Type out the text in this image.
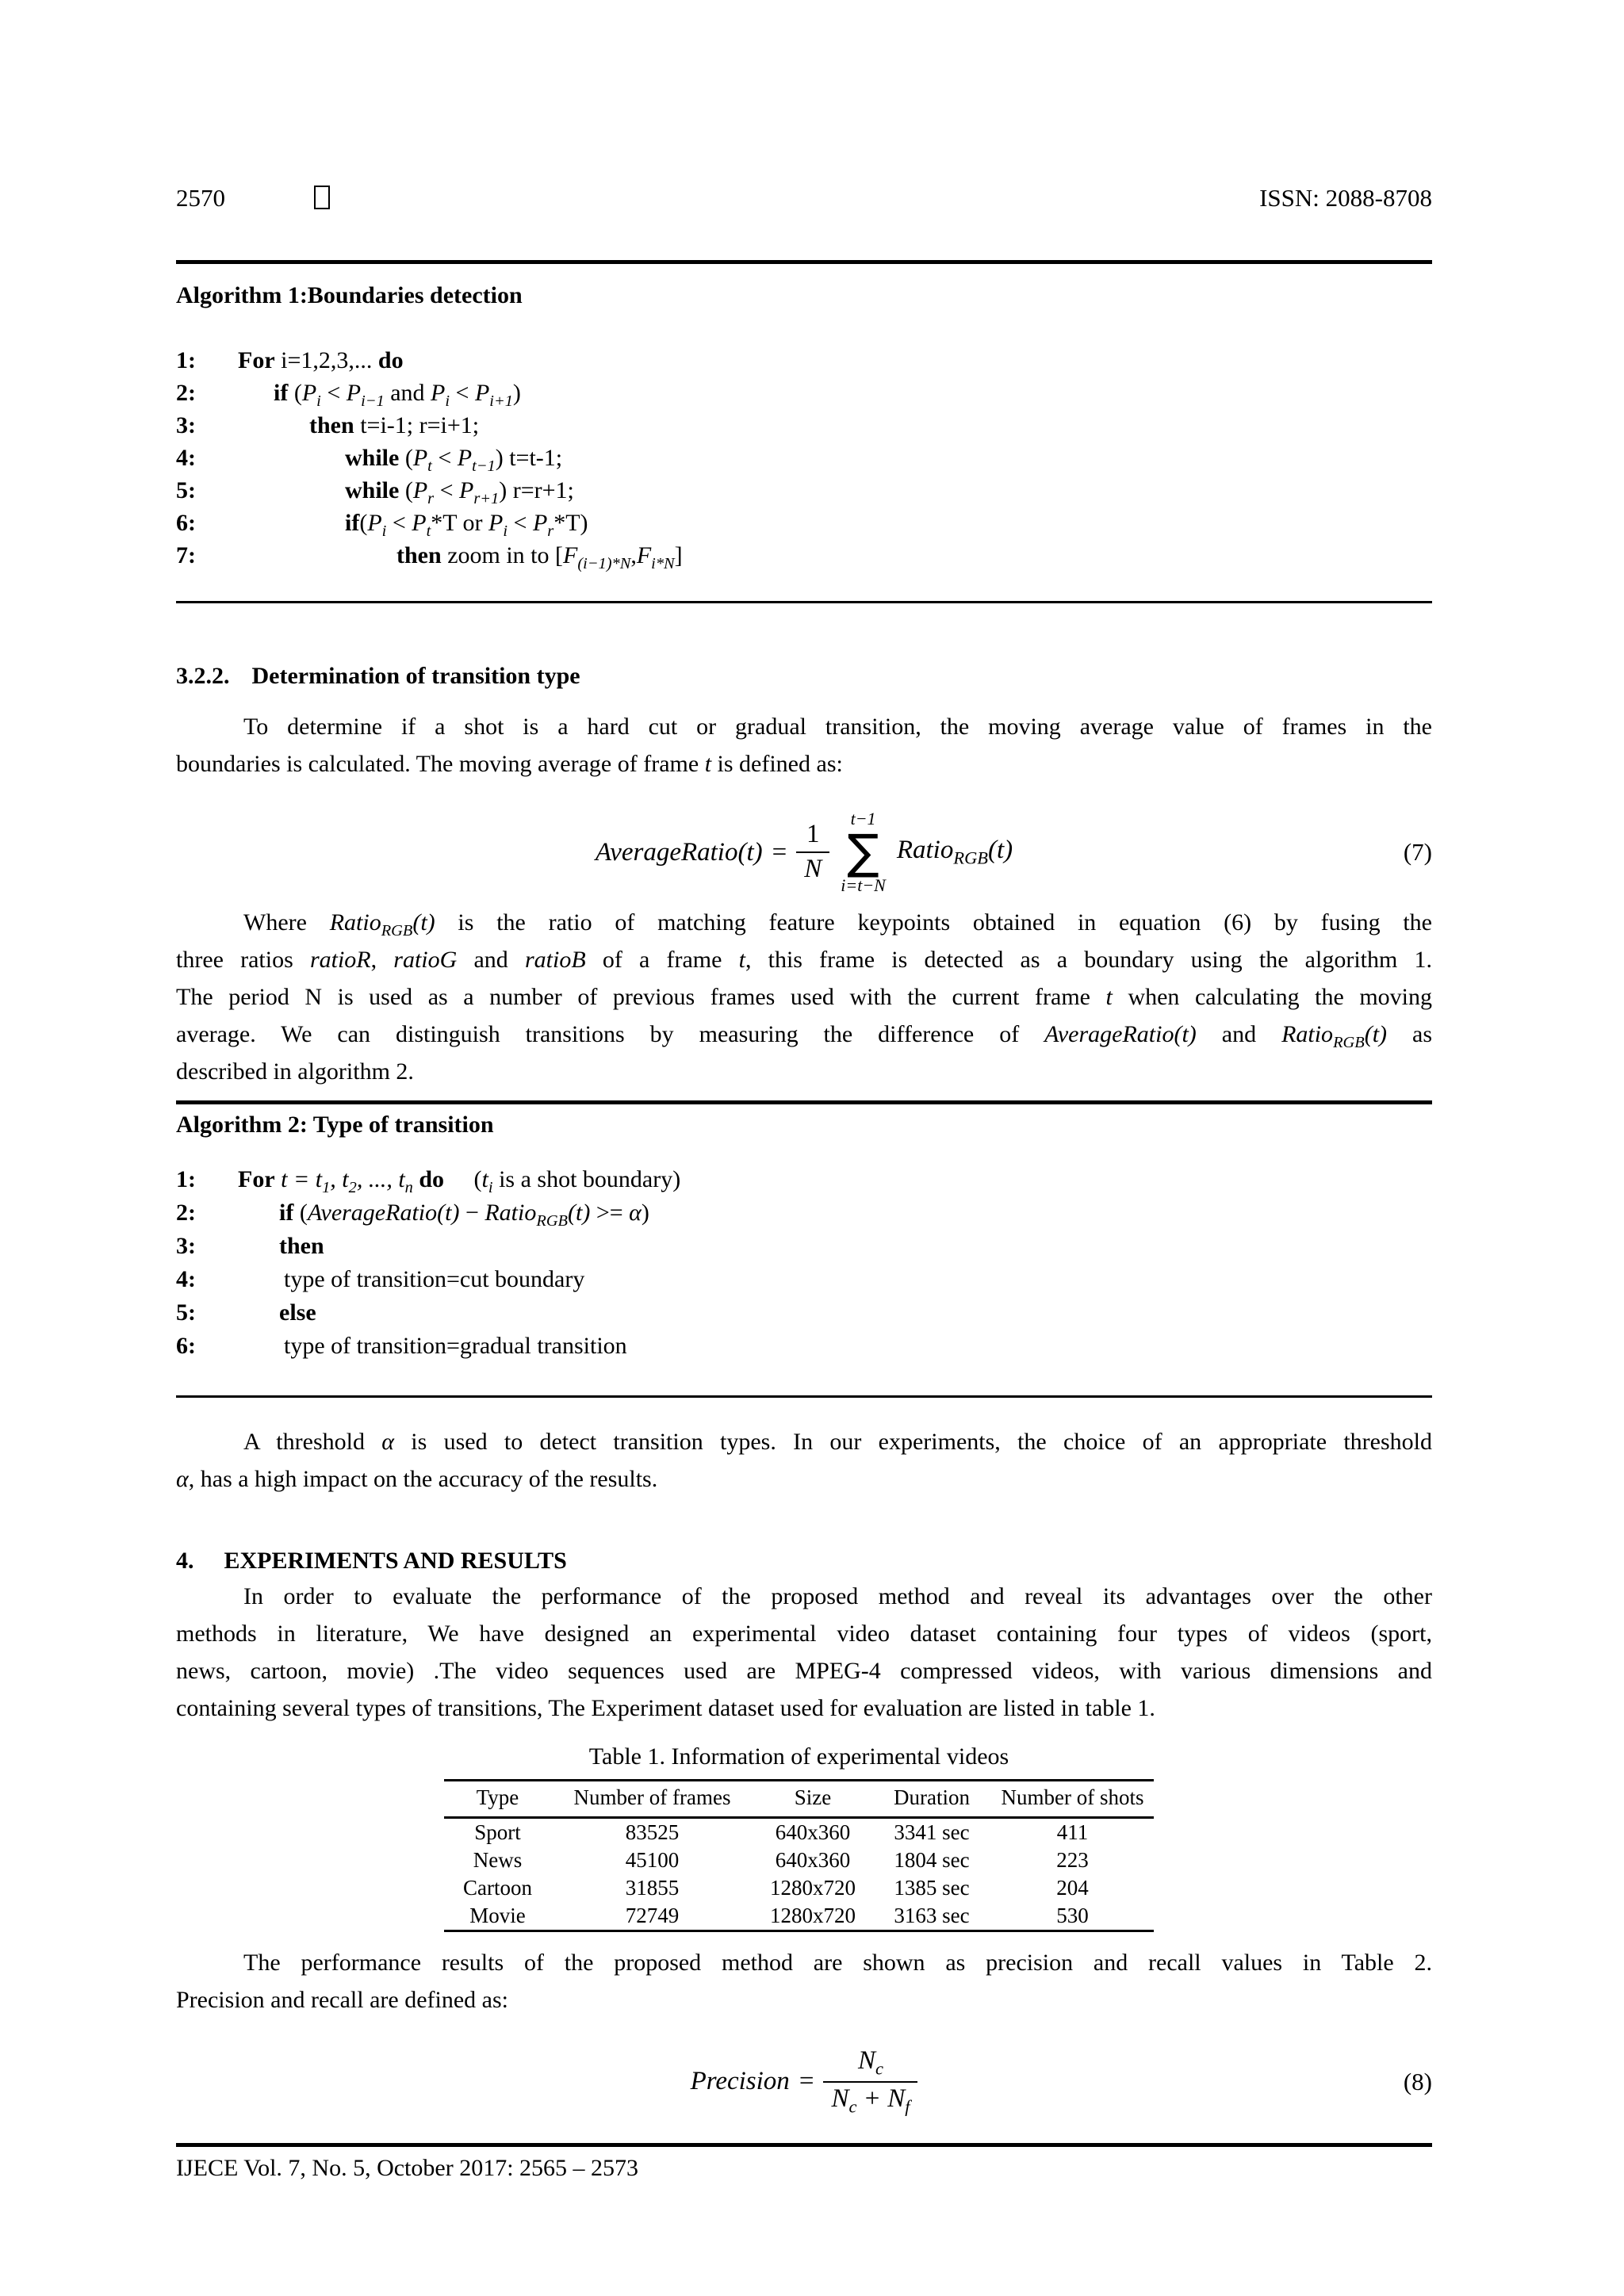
2570	ISSN: 2088-8708
Algorithm 1:Boundaries detection
1:	For i=1,2,3,... do
2:	if ($P_i < P_{i-1}$ and $P_i < P_{i+1}$)
3:	then t=i-1; r=i+1;
4:	while $(P_t < P_{t-1})$ t=t-1;
5:	while $(P_r < P_{r+1})$ r=r+1;
6:	$if(P_i < P_t*T$ or $P_i < P_r*T$)
7:	then zoom in to $[F_{(i-1)*N},F_{i*N}]$
3.2.2. Determination of transition type
To determine if a shot is a hard cut or gradual transition, the moving average value of frames in the
boundaries is calculated. The moving average of frame t is defined as:
AverageRatio(t) = $\frac{1}{N}$
t−1
∑
i=t−N
Ratio$_{RGB}$(t)	(7)
Where Ratio$_{RGB}$(t) is the ratio of matching feature keypoints obtained in equation (6) by fusing the
three ratios ratioR, ratioG and ratioB of a frame t, this frame is detected as a boundary using the algorithm 1.
The period N is used as a number of previous frames used with the current frame t when calculating the moving
average. We can distinguish transitions by measuring the difference of AverageRatio(t) and Ratio$_{RGB}$(t) as
described in algorithm 2.
Algorithm 2: Type of transition
1:	For $t = t_1$, $t_2$, ..., $t_n$ do     ($t_i$ is a shot boundary)
2:	if (AverageRatio(t) − Ratio$_{RGB}$(t) >= α)
3:	then
4:	type of transition=cut boundary
5:	else
6:	type of transition=gradual transition
A threshold α is used to detect transition types. In our experiments, the choice of an appropriate threshold
α, has a high impact on the accuracy of the results.
4. EXPERIMENTS AND RESULTS
In order to evaluate the performance of the proposed method and reveal its advantages over the other
methods in literature, We have designed an experimental video dataset containing four types of videos (sport,
news, cartoon, movie) .The video sequences used are MPEG-4 compressed videos, with various dimensions and
containing several types of transitions, The Experiment dataset used for evaluation are listed in table 1.
Table 1. Information of experimental videos
Type	Number of frames	Size	Duration	Number of shots
Sport	83525	640x360	3341 sec	411
News	45100	640x360	1804 sec	223
Cartoon	31855	1280x720	1385 sec	204
Movie	72749	1280x720	3163 sec	530
The performance results of the proposed method are shown as precision and recall values in Table 2.
Precision and recall are defined as:
Precision = $\frac{N_c}{N_c + N_f}$	(8)
IJECE Vol. 7, No. 5, October 2017: 2565 – 2573
